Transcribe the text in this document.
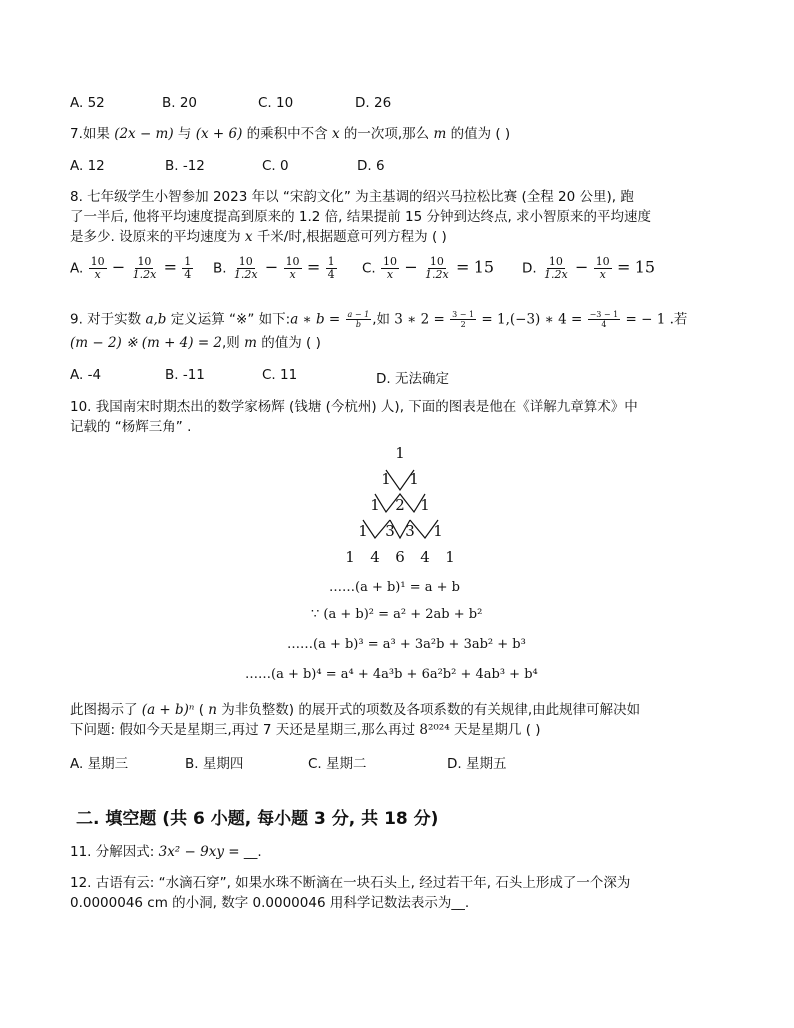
A. 52	B. 20	C. 10	D. 26
7.如果 (2x − m) 与 (x + 6) 的乘积中不含 x 的一次项,那么 m 的值为 ( )
A. 12	B. -12	C. 0	D. 6
8. 七年级学生小智参加 2023 年以 “宋韵文化” 为主基调的绍兴马拉松比赛 (全程 20 公里), 跑
了一半后, 他将平均速度提高到原来的 1.2 倍, 结果提前 15 分钟到达终点, 求小智原来的平均速度
是多少. 设原来的平均速度为 x 千米/时,根据题意可列方程为 ( )
A. $\frac{10}{x} - \frac{10}{1.2x} = \frac{1}{4} B$. $\frac{10}{1.2x} - \frac{10}{x} = \frac{1}{4} C$. $\frac{10}{x} - \frac{10}{1.2x} = 15$ D. $\frac{10}{1.2x} - \frac{10}{x} = 15$
9. 对于实数 a,b 定义运算 “※” 如下:a ∗ $b = \frac{a - 1}{b}$ ,如 3 ∗ $2 = \frac{3 - 1}{2} = 1,(-3)$ ∗ $4 = \frac{-3 - 1}{4}$ = − 1 .若
(m − 2) ※ (m + 4) = 2,则 m 的值为 ( )
A. -4	B. -11	C. 11	D. 无法确定
10. 我国南宋时期杰出的数学家杨辉 (钱塘 (今杭州) 人), 下面的图表是他在《详解九章算术》中
记载的 “杨辉三角” .
1
1 1
1 2 1
1 3 3 1
1 4 6 4 1
……(a + b)¹ = a + b
∵ (a + b)² = a² + 2ab + b²
……(a + b)³ = a³ + 3a²b + 3ab² + b³
……(a + b)⁴ = a⁴ + 4a³b + 6a²b² + 4ab³ + b⁴
此图揭示了 (a + b)ⁿ ( n 为非负整数) 的展开式的项数及各项系数的有关规律,由此规律可解决如
下问题: 假如今天是星期三,再过 7 天还是星期三,那么再过 8²⁰²⁴ 天是星期几 ( )
A. 星期三	B. 星期四	C. 星期二	D. 星期五
二. 填空题 (共 6 小题, 每小题 3 分, 共 18 分)
11. 分解因式: 3x² − 9xy = __.
12. 古语有云: “水滴石穿”, 如果水珠不断滴在一块石头上, 经过若干年, 石头上形成了一个深为
0.0000046 cm 的小洞, 数字 0.0000046 用科学记数法表示为__.
